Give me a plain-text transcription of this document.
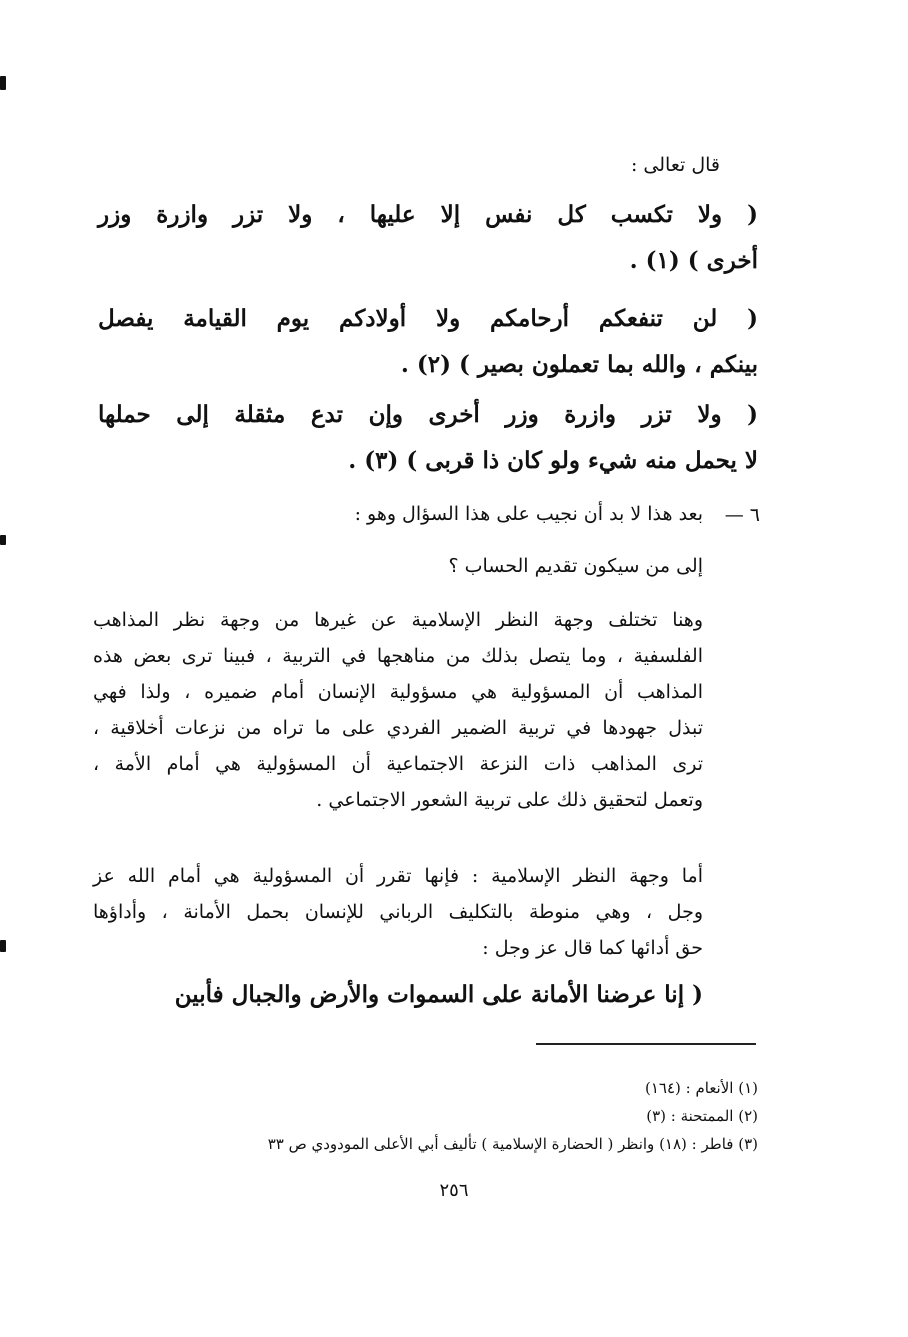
قال تعالى :
( ولا تكسب كل نفس إلا عليها ، ولا تزر وازرة وزر
أخرى ) (١) .
( لن تنفعكم أرحامكم ولا أولادكم يوم القيامة يفصل
بينكم ، والله بما تعملون بصير ) (٢) .
( ولا تزر وازرة وزر أخرى وإن تدع مثقلة إلى حملها
لا يحمل منه شيء ولو كان ذا قربى ) (٣) .
٦ —
بعد هذا لا بد أن نجيب على هذا السؤال وهو :
إلى من سيكون تقديم الحساب ؟
وهنا تختلف وجهة النظر الإسلامية عن غيرها من وجهة نظر المذاهب
الفلسفية ، وما يتصل بذلك من مناهجها في التربية ، فبينا ترى بعض هذه
المذاهب أن المسؤولية هي مسؤولية الإنسان أمام ضميره ، ولذا فهي
تبذل جهودها في تربية الضمير الفردي على ما تراه من نزعات أخلاقية ،
ترى المذاهب ذات النزعة الاجتماعية أن المسؤولية هي أمام الأمة ،
وتعمل لتحقيق ذلك على تربية الشعور الاجتماعي .
أما وجهة النظر الإسلامية : فإنها تقرر أن المسؤولية هي أمام الله عز
وجل ، وهي منوطة بالتكليف الرباني للإنسان بحمل الأمانة ، وأداؤها
حق أدائها كما قال عز وجل :
( إنا عرضنا الأمانة على السموات والأرض والجبال فأبين
(١) الأنعام : (١٦٤)
(٢) الممتحنة : (٣)
(٣) فاطر : (١٨) وانظر ( الحضارة الإسلامية ) تأليف أبي الأعلى المودودي ص ٣٣
٢٥٦
